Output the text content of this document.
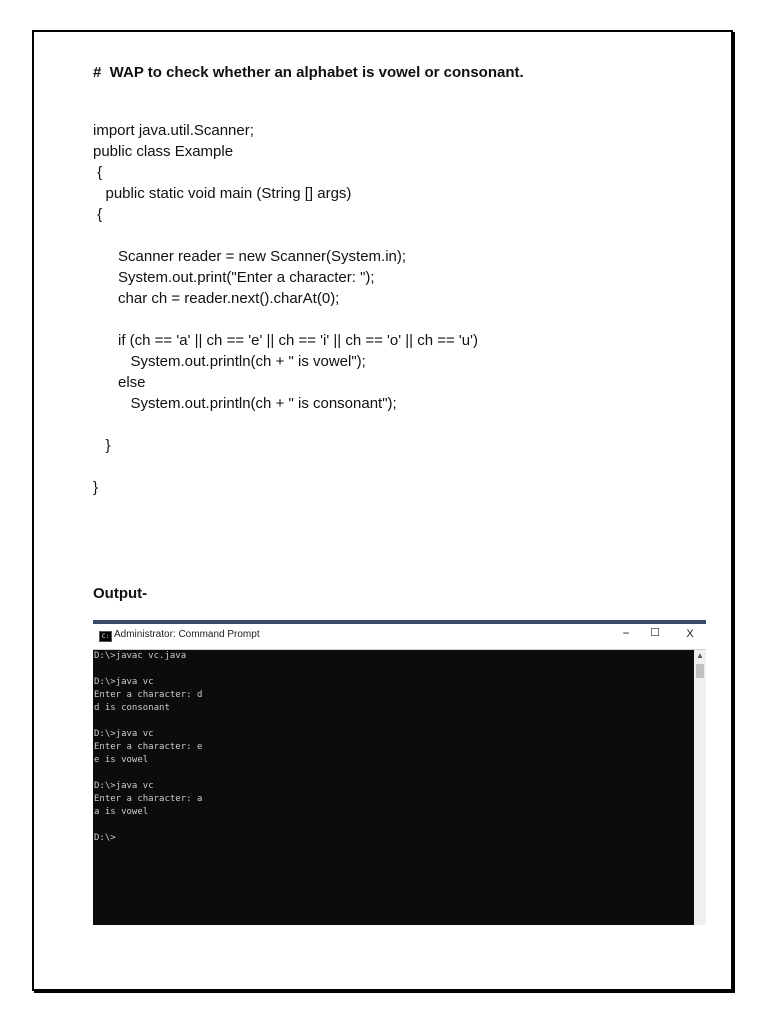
#  WAP to check whether an alphabet is vowel or consonant.
import java.util.Scanner;
public class Example
{
public static void main (String [] args)
{
Scanner reader = new Scanner(System.in);
System.out.print("Enter a character: ");
char ch = reader.next().charAt(0);
if (ch == 'a' || ch == 'e' || ch == 'i' || ch == 'o' || ch == 'u')
System.out.println(ch + " is vowel");
else
System.out.println(ch + " is consonant");
}
}
Output-
C: Administrator: Command Prompt	−	☐	X
D:\>javac vc.java
D:\>java vc
Enter a character: d
d is consonant
D:\>java vc
Enter a character: e
e is vowel
D:\>java vc
Enter a character: a
a is vowel
D:\>
▲
